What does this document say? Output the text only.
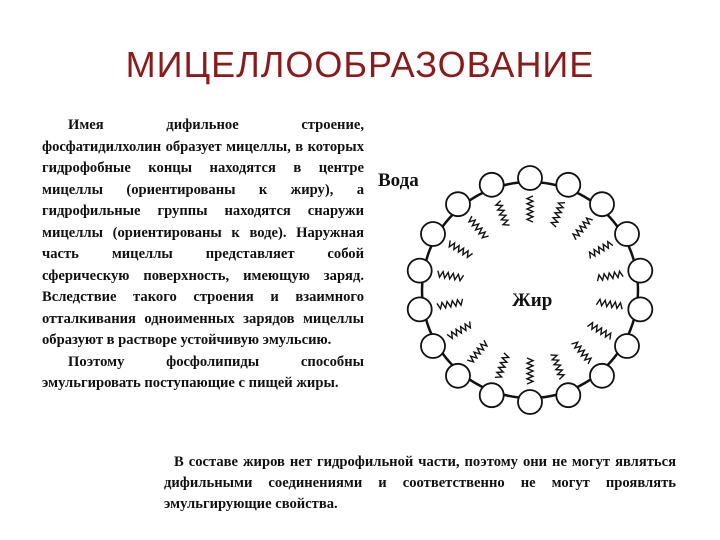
МИЦЕЛЛООБРАЗОВАНИЕ

Имея дифильное строение, фосфатидилхолин образует мицеллы, в которых гидрофобные концы находятся в центре мицеллы (ориентированы к жиру), а гидрофильные группы находятся снаружи мицеллы (ориентированы к воде). Наружная часть мицеллы представляет собой сферическую поверхность, имеющую заряд. Вследствие такого строения и взаимного отталкивания одноименных зарядов мицеллы образуют в растворе устойчивую эмульсию.

Поэтому фосфолипиды способны эмульгировать поступающие с пищей жиры.

Вода
Жир

В составе жиров нет гидрофильной части, поэтому они не могут являться дифильными соединениями и соответственно не могут проявлять эмульгирующие свойства.
